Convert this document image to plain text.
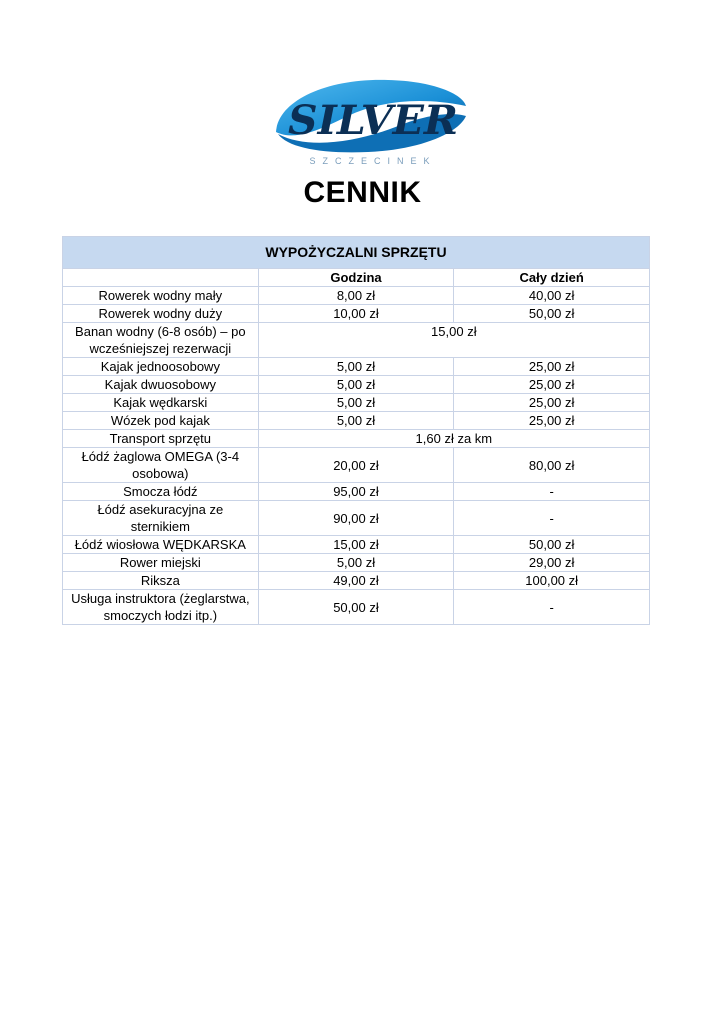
SILVER
SZCZECINEK
CENNIK
WYPOŻYCZALNI SPRZĘTU		
	Godzina	Cały dzień
Rowerek wodny mały	8,00 zł	40,00 zł
Rowerek wodny duży	10,00 zł	50,00 zł
Banan wodny (6-8 osób) – po wcześniejszej rezerwacji	15,00 zł	
Kajak jednoosobowy	5,00 zł	25,00 zł
Kajak dwuosobowy	5,00 zł	25,00 zł
Kajak wędkarski	5,00 zł	25,00 zł
Wózek pod kajak	5,00 zł	25,00 zł
Transport sprzętu	1,60 zł za km	
Łódź żaglowa OMEGA (3-4 osobowa)	20,00 zł	80,00 zł
Smocza łódź	95,00 zł	-
Łódź asekuracyjna ze sternikiem	90,00 zł	-
Łódź wiosłowa WĘDKARSKA	15,00 zł	50,00 zł
Rower miejski	5,00 zł	29,00 zł
Riksza	49,00 zł	100,00 zł
Usługa instruktora (żeglarstwa, smoczych łodzi itp.)	50,00 zł	-
